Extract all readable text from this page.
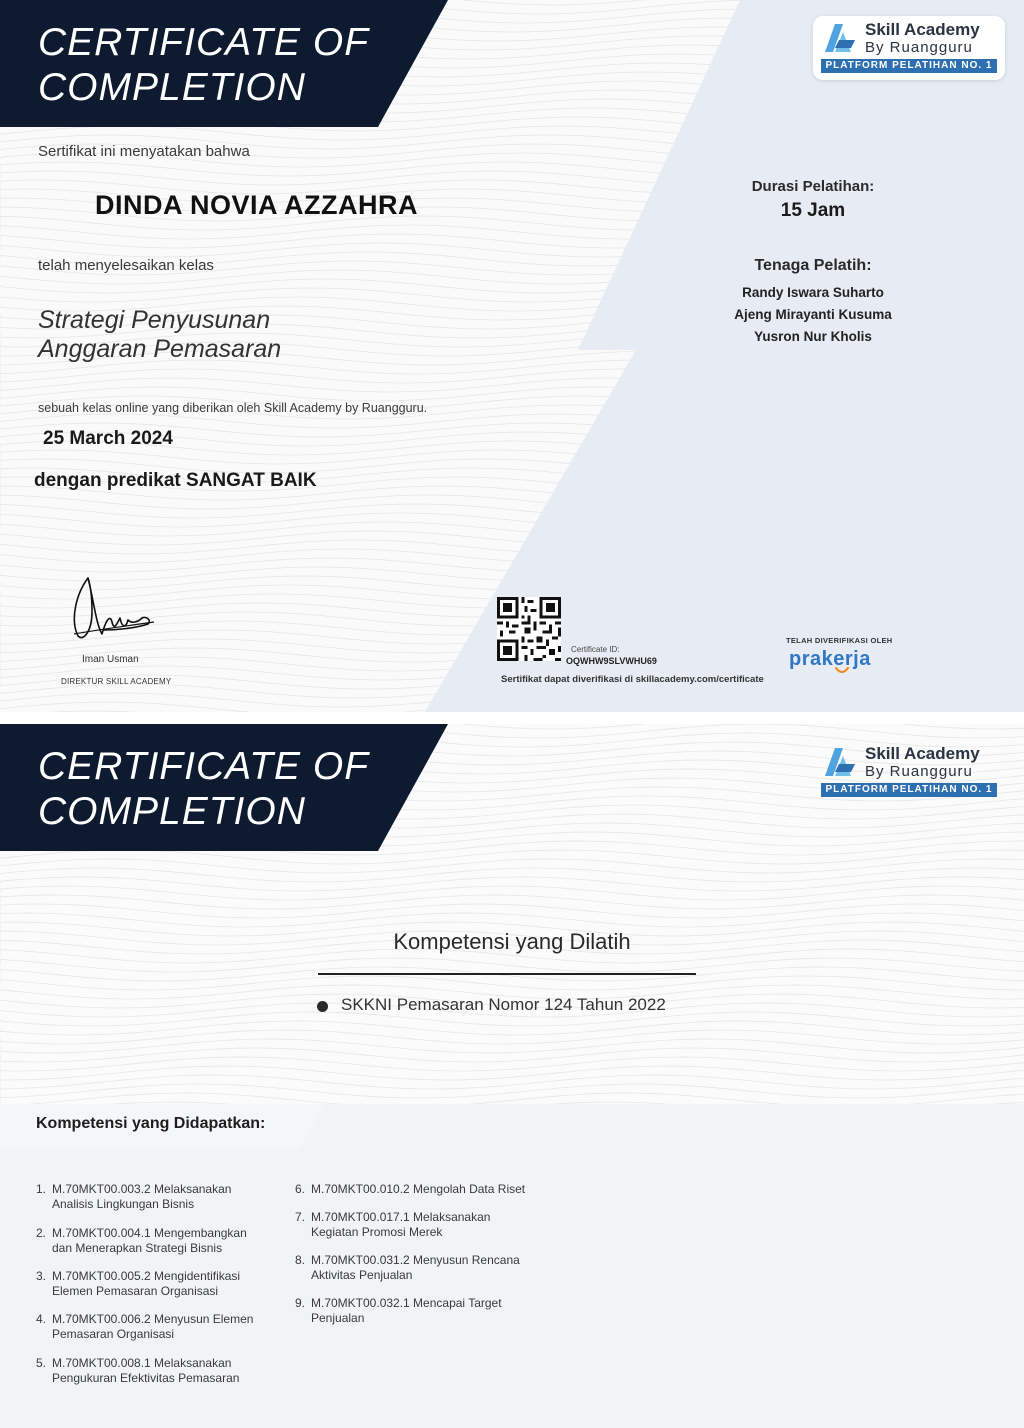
CERTIFICATE OF
COMPLETION
Skill Academy
By Ruangguru
PLATFORM PELATIHAN NO. 1
Sertifikat ini menyatakan bahwa
DINDA NOVIA AZZAHRA
telah menyelesaikan kelas
Strategi Penyusunan
Anggaran Pemasaran
sebuah kelas online yang diberikan oleh Skill Academy by Ruangguru.
25 March 2024
dengan predikat SANGAT BAIK
Durasi Pelatihan:
15 Jam
Tenaga Pelatih:
Randy Iswara Suharto
Ajeng Mirayanti Kusuma
Yusron Nur Kholis
Iman Usman
DIREKTUR SKILL ACADEMY
Certificate ID:
OQWHW9SLVWHU69
Sertifikat dapat diverifikasi di skillacademy.com/certificate
TELAH DIVERIFIKASI OLEH
prakerja
CERTIFICATE OF
COMPLETION
Skill Academy
By Ruangguru
PLATFORM PELATIHAN NO. 1
Kompetensi yang Dilatih
SKKNI Pemasaran Nomor 124 Tahun 2022
Kompetensi yang Didapatkan:
1. M.70MKT00.003.2 Melaksanakan
Analisis Lingkungan Bisnis
2. M.70MKT00.004.1 Mengembangkan
dan Menerapkan Strategi Bisnis
3. M.70MKT00.005.2 Mengidentifikasi
Elemen Pemasaran Organisasi
4. M.70MKT00.006.2 Menyusun Elemen
Pemasaran Organisasi
5. M.70MKT00.008.1 Melaksanakan
Pengukuran Efektivitas Pemasaran
6. M.70MKT00.010.2 Mengolah Data Riset
7. M.70MKT00.017.1 Melaksanakan
Kegiatan Promosi Merek
8. M.70MKT00.031.2 Menyusun Rencana
Aktivitas Penjualan
9. M.70MKT00.032.1 Mencapai Target
Penjualan
